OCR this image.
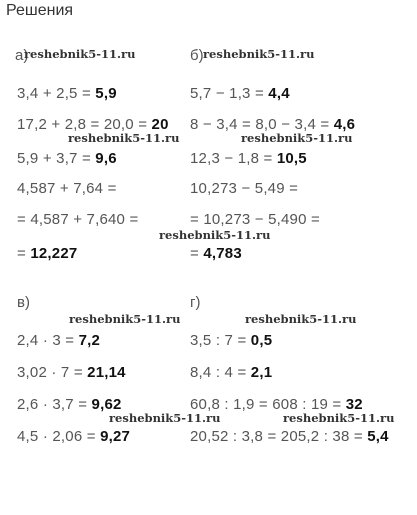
Решения
а)
3,4 + 2,5 = 5,9
17,2 + 2,8 = 20,0 = 20
5,9 + 3,7 = 9,6
4,587 + 7,64 =
= 4,587 + 7,640 =
= 12,227
б)
5,7 − 1,3 = 4,4
8 − 3,4 = 8,0 − 3,4 = 4,6
12,3 − 1,8 = 10,5
10,273 − 5,49 =
= 10,273 − 5,490 =
= 4,783
в)
2,4 · 3 = 7,2
3,02 · 7 = 21,14
2,6 · 3,7 = 9,62
4,5 · 2,06 = 9,27
г)
3,5 : 7 = 0,5
8,4 : 4 = 2,1
60,8 : 1,9 = 608 : 19 = 32
20,52 : 3,8 = 205,2 : 38 = 5,4
reshebnik5-11.ru	reshebnik5-11.ru
reshebnik5-11.ru	reshebnik5-11.ru
reshebnik5-11.ru
reshebnik5-11.ru	reshebnik5-11.ru
reshebnik5-11.ru	reshebnik5-11.ru
